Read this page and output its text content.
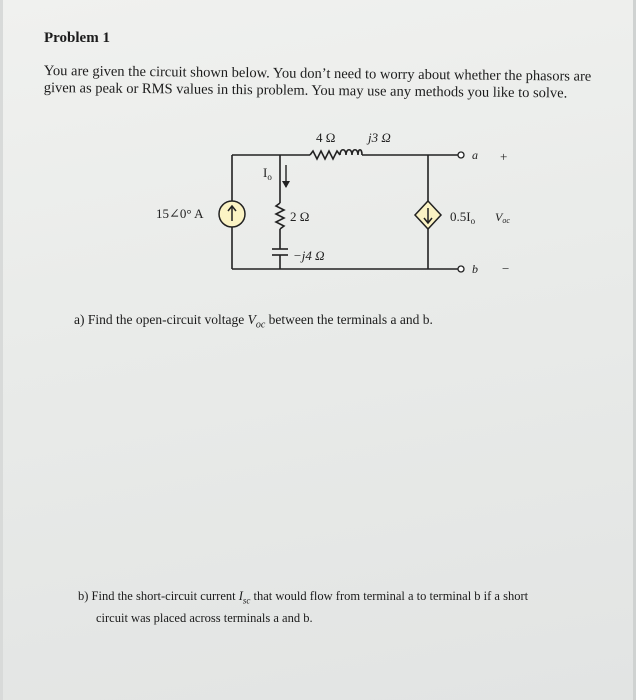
Problem 1
You are given the circuit shown below. You don’t need to worry about whether the phasors are
given as peak or RMS values in this problem. You may use any methods you like to solve.
4 Ω	j3 Ω
15∠0° A
$I_o$
2 Ω
−j4 Ω
$0.5I_o$
a
b
+
−
Voc
a) Find the open-circuit voltage $V_{oc}$ between the terminals a and b.
b) Find the short-circuit current $I_{sc}$ that would flow from terminal a to terminal b if a short
circuit was placed across terminals a and b.
